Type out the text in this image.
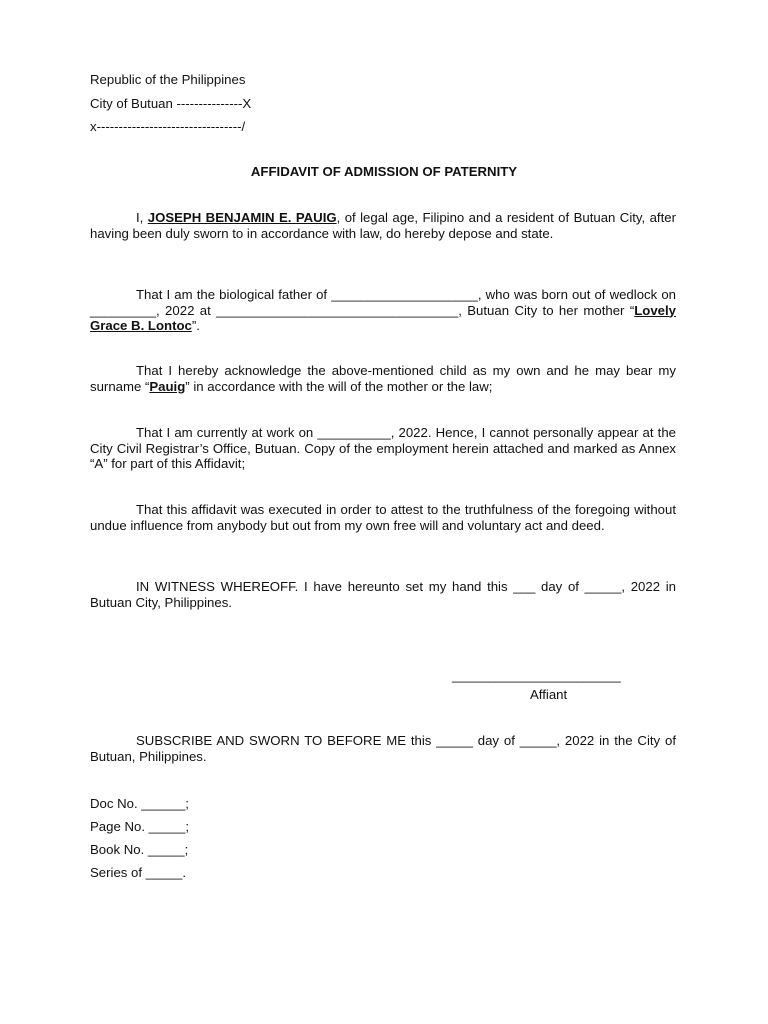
Republic of the Philippines
City of Butuan ---------------X
x---------------------------------/
AFFIDAVIT OF ADMISSION OF PATERNITY
I, JOSEPH BENJAMIN E. PAUIG, of legal age, Filipino and a resident of Butuan City, after having been duly sworn to in accordance with law, do hereby depose and state.
That I am the biological father of ____________________, who was born out of wedlock on _________, 2022 at _________________________________, Butuan City to her mother “Lovely Grace B. Lontoc”.
That I hereby acknowledge the above-mentioned child as my own and he may bear my surname “Pauig” in accordance with the will of the mother or the law;
That I am currently at work on __________, 2022. Hence, I cannot personally appear at the City Civil Registrar’s Office, Butuan. Copy of the employment herein attached and marked as Annex “A” for part of this Affidavit;
That this affidavit was executed in order to attest to the truthfulness of the foregoing without undue influence from anybody but out from my own free will and voluntary act and deed.
IN WITNESS WHEREOFF. I have hereunto set my hand this ___ day of _____, 2022 in Butuan City, Philippines.
_______________________
Affiant
SUBSCRIBE AND SWORN TO BEFORE ME this _____ day of _____, 2022 in the City of Butuan, Philippines.
Doc No. ______;
Page No. _____;
Book No. _____;
Series of _____.
